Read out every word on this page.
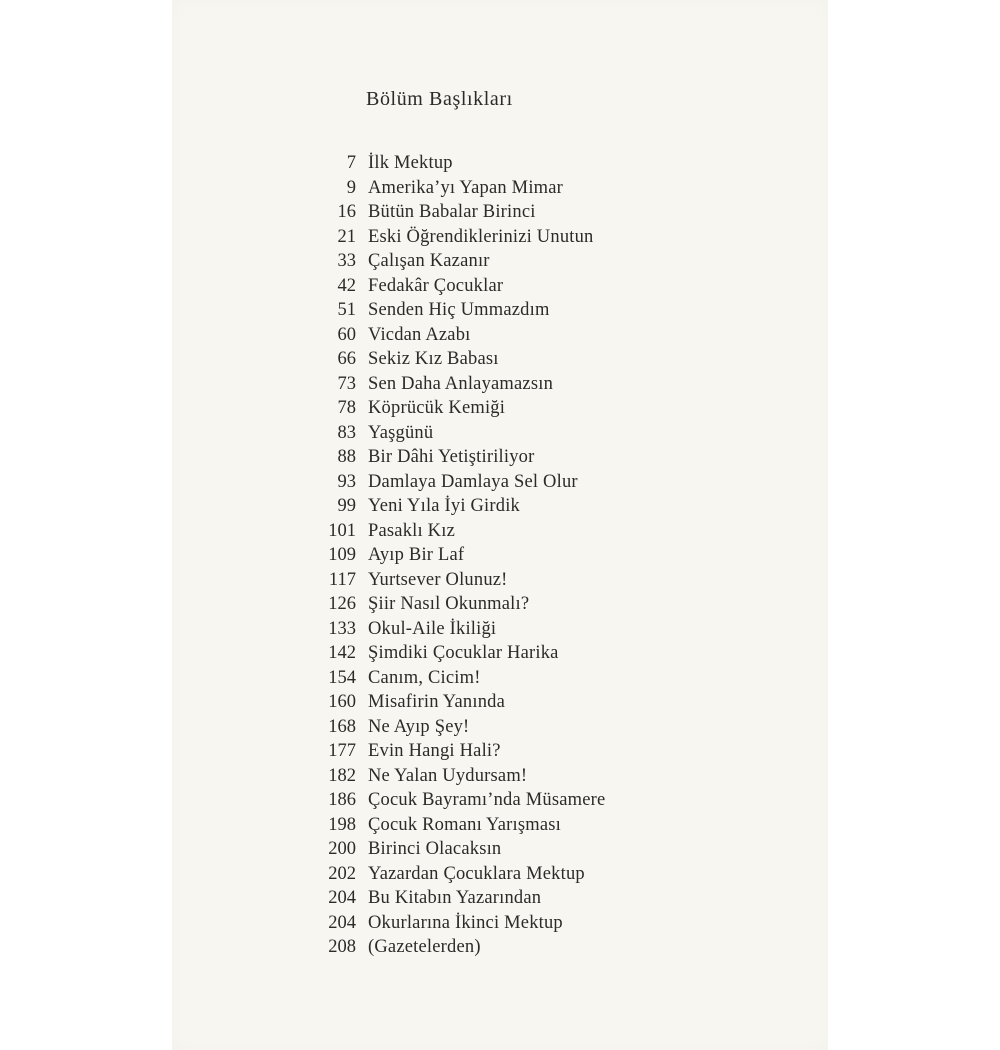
Bölüm Başlıkları
7 İlk Mektup
9 Amerika’yı Yapan Mimar
16 Bütün Babalar Birinci
21 Eski Öğrendiklerinizi Unutun
33 Çalışan Kazanır
42 Fedakâr Çocuklar
51 Senden Hiç Ummazdım
60 Vicdan Azabı
66 Sekiz Kız Babası
73 Sen Daha Anlayamazsın
78 Köprücük Kemiği
83 Yaşgünü
88 Bir Dâhi Yetiştiriliyor
93 Damlaya Damlaya Sel Olur
99 Yeni Yıla İyi Girdik
101 Pasaklı Kız
109 Ayıp Bir Laf
117 Yurtsever Olunuz!
126 Şiir Nasıl Okunmalı?
133 Okul-Aile İkiliği
142 Şimdiki Çocuklar Harika
154 Canım, Cicim!
160 Misafirin Yanında
168 Ne Ayıp Şey!
177 Evin Hangi Hali?
182 Ne Yalan Uydursam!
186 Çocuk Bayramı’nda Müsamere
198 Çocuk Romanı Yarışması
200 Birinci Olacaksın
202 Yazardan Çocuklara Mektup
204 Bu Kitabın Yazarından
204 Okurlarına İkinci Mektup
208 (Gazetelerden)
